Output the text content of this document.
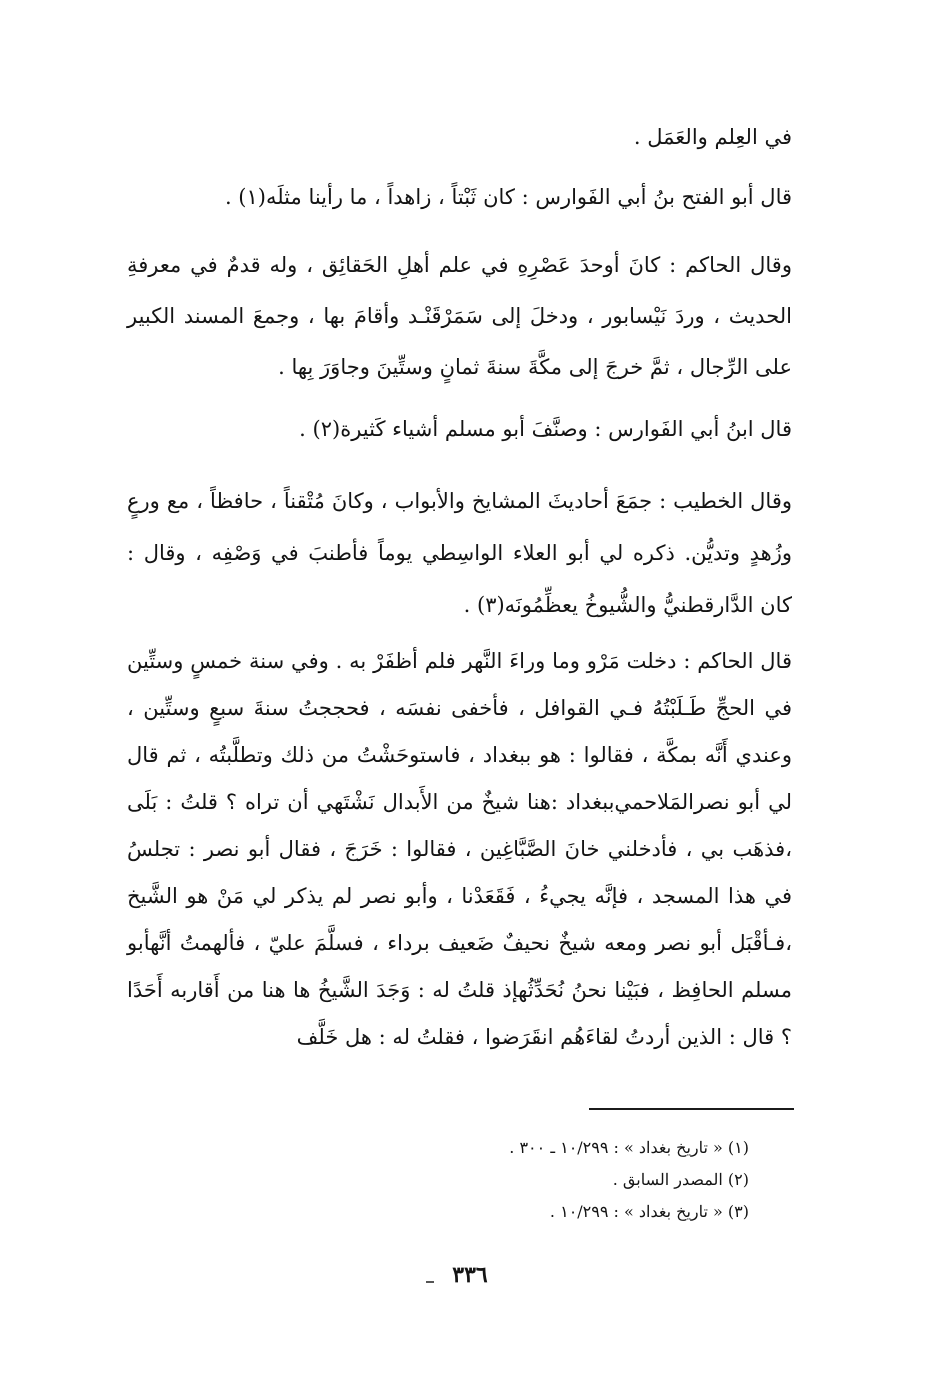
في العِلم والعَمَل .

قال أبو الفتح بنُ أبي الفَوارس : كان ثَبْتاً ، زاهداً ، ما رأينا مثلَه(١) .

وقال الحاكم : كانَ أوحدَ عَصْرِهِ في علم أهلِ الحَقائِق ، وله قدمٌ في معرفةِ الحديث ، وردَ نَيْسابور ، ودخلَ إلى سَمَرْقَنْـد وأقامَ بها ، وجمعَ المسند الكبير على الرِّجال ، ثمَّ خرجَ إلى مكَّةَ سنةَ ثمانٍ وستِّينَ وجاوَرَ بِها .

قال ابنُ أبي الفَوارس : وصنَّفَ أبو مسلم أشياء كَثيرة(٢) .

وقال الخطيب : جمَعَ أحاديثَ المشايخ والأبواب ، وكانَ مُتْقناً ، حافظاً ، مع ورعٍ وزُهدٍ وتديُّن. ذكره لي أبو العلاء الواسِطي يوماً فأطنبَ في وَصْفِه ، وقال : كان الدَّارقطنيُّ والشُّيوخُ يعظِّمُونَه(٣) .

قال الحاكم : دخلت مَرْو وما وراءَ النَّهر فلم أظفَرْ به . وفي سنة خمسٍ وستِّين في الحجِّ طَـلَبْتُهُ فـي القوافل ، فأخفى نفسَه ، فحججتُ سنةَ سبعٍ وستِّين ، وعندي أَنَّه بمكَّة ، فقالوا : هو ببغداد ، فاستوحَشْتُ من ذلك وتطلَّبتُه ، ثم قال لي أبو نصرالمَلاحمي‌ببغداد :هنا شيخٌ من الأَبدال نَشْتَهي أن تراه ؟ قلتُ : بَلَى ،فذهَب بي ، فأدخلني خانَ الصَّبَّاغِين ، فقالوا : خَرَجَ ، فقال أبو نصر : تجلسُ في هذا المسجد ، فإنَّه يجيءُ ، فَقَعَدْنا ، وأبو نصر لم يذكر لي مَنْ هو الشَّيخ ،فـأقْبَل أبو نصر ومعه شيخٌ نحيفٌ ضَعيف برداء ، فسلَّمَ عليّ ، فألهمتُ أنَّهأبو مسلم الحافِظ ، فبَيْنا نحنُ نُحَدِّثُهإذ قلتُ له : وَجَدَ الشَّيخُ ها هنا من أَقاربه أَحَدًا ؟ قال : الذين أردتُ لقاءَهُم انقَرَضوا ، فقلتُ له : هل خَلَّف

(١) « تاريخ بغداد » : ١٠/٢٩٩ ـ ٣٠٠ .
(٢) المصدر السابق .
(٣) « تاريخ بغداد » : ١٠/٢٩٩ .
٣٣٦
